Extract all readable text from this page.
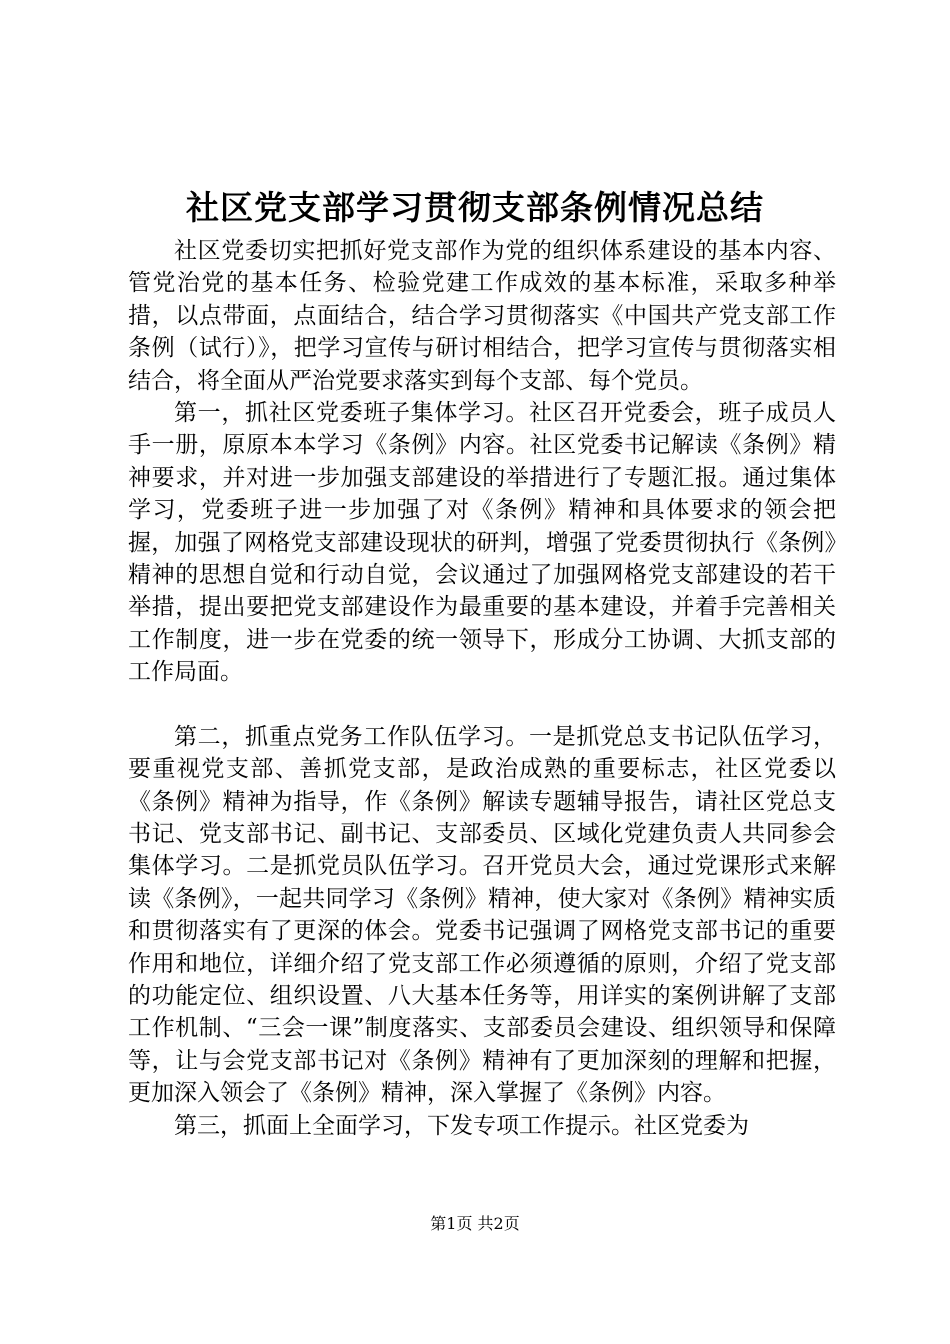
社区党支部学习贯彻支部条例情况总结

社区党委切实把抓好党支部作为党的组织体系建设的基本内容、管党治党的基本任务、检验党建工作成效的基本标准，采取多种举措，以点带面，点面结合，结合学习贯彻落实《中国共产党支部工作条例（试行）》，把学习宣传与研讨相结合，把学习宣传与贯彻落实相结合，将全面从严治党要求落实到每个支部、每个党员。

第一，抓社区党委班子集体学习。社区召开党委会，班子成员人手一册，原原本本学习《条例》内容。社区党委书记解读《条例》精神要求，并对进一步加强支部建设的举措进行了专题汇报。通过集体学习，党委班子进一步加强了对《条例》精神和具体要求的领会把握，加强了网格党支部建设现状的研判，增强了党委贯彻执行《条例》精神的思想自觉和行动自觉，会议通过了加强网格党支部建设的若干举措，提出要把党支部建设作为最重要的基本建设，并着手完善相关工作制度，进一步在党委的统一领导下，形成分工协调、大抓支部的工作局面。

第二，抓重点党务工作队伍学习。一是抓党总支书记队伍学习，要重视党支部、善抓党支部，是政治成熟的重要标志，社区党委以《条例》精神为指导，作《条例》解读专题辅导报告，请社区党总支书记、党支部书记、副书记、支部委员、区域化党建负责人共同参会集体学习。二是抓党员队伍学习。召开党员大会，通过党课形式来解读《条例》，一起共同学习《条例》精神，使大家对《条例》精神实质和贯彻落实有了更深的体会。党委书记强调了网格党支部书记的重要作用和地位，详细介绍了党支部工作必须遵循的原则，介绍了党支部的功能定位、组织设置、八大基本任务等，用详实的案例讲解了支部工作机制、“三会一课”制度落实、支部委员会建设、组织领导和保障等，让与会党支部书记对《条例》精神有了更加深刻的理解和把握，更加深入领会了《条例》精神，深入掌握了《条例》内容。

第三，抓面上全面学习，下发专项工作提示。社区党委为

第1页 共2页
